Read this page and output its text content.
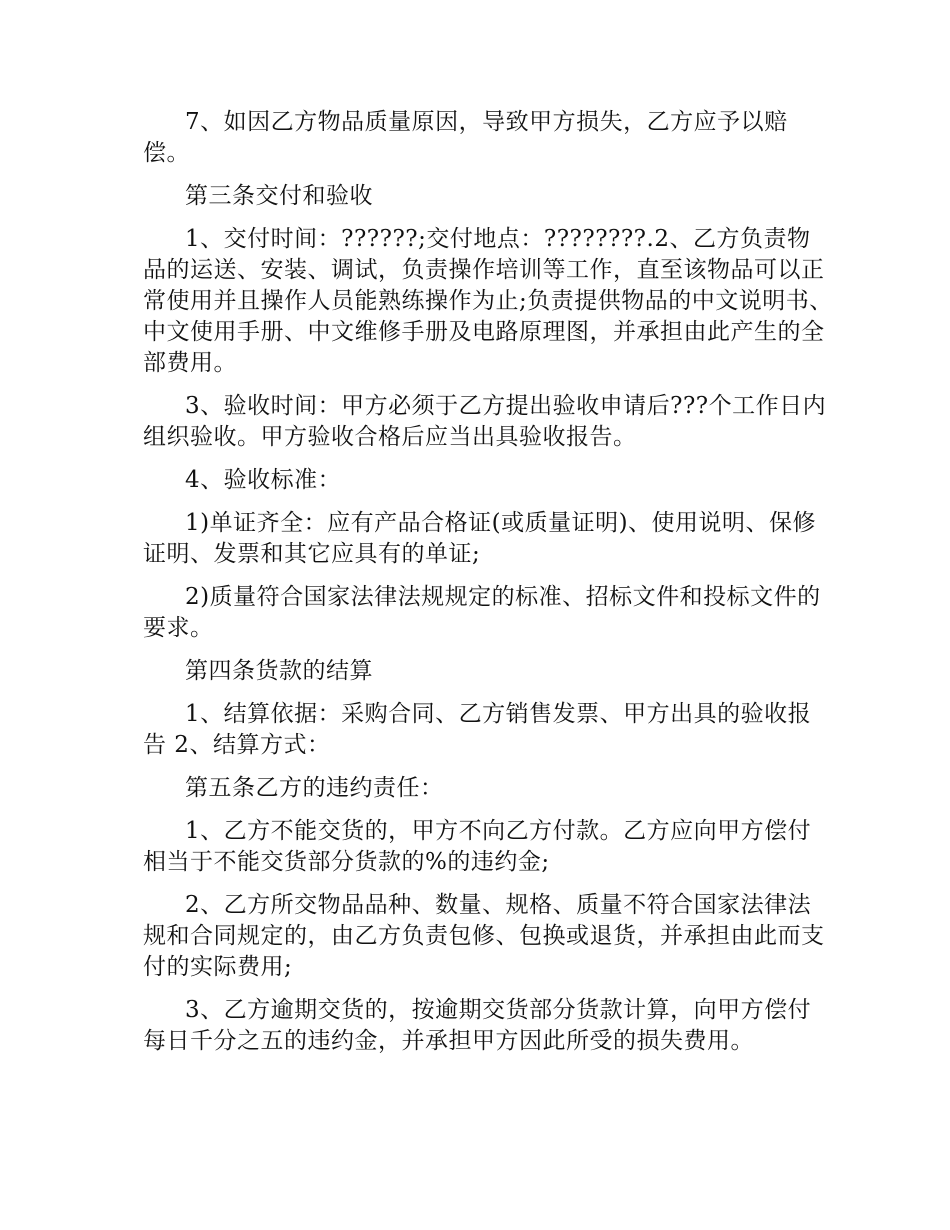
7、如因乙方物品质量原因，导致甲方损失，乙方应予以赔偿。

第三条交付和验收

1、交付时间：??????;交付地点：????????.2、乙方负责物品的运送、安装、调试，负责操作培训等工作，直至该物品可以正常使用并且操作人员能熟练操作为止;负责提供物品的中文说明书、中文使用手册、中文维修手册及电路原理图，并承担由此产生的全部费用。

3、验收时间：甲方必须于乙方提出验收申请后???个工作日内组织验收。甲方验收合格后应当出具验收报告。

4、验收标准：

1)单证齐全：应有产品合格证(或质量证明)、使用说明、保修证明、发票和其它应具有的单证;

2)质量符合国家法律法规规定的标准、招标文件和投标文件的要求。

第四条货款的结算

1、结算依据：采购合同、乙方销售发票、甲方出具的验收报告 2、结算方式：

第五条乙方的违约责任：

1、乙方不能交货的，甲方不向乙方付款。乙方应向甲方偿付相当于不能交货部分货款的%的违约金;

2、乙方所交物品品种、数量、规格、质量不符合国家法律法规和合同规定的，由乙方负责包修、包换或退货，并承担由此而支付的实际费用;

3、乙方逾期交货的，按逾期交货部分货款计算，向甲方偿付每日千分之五的违约金，并承担甲方因此所受的损失费用。
